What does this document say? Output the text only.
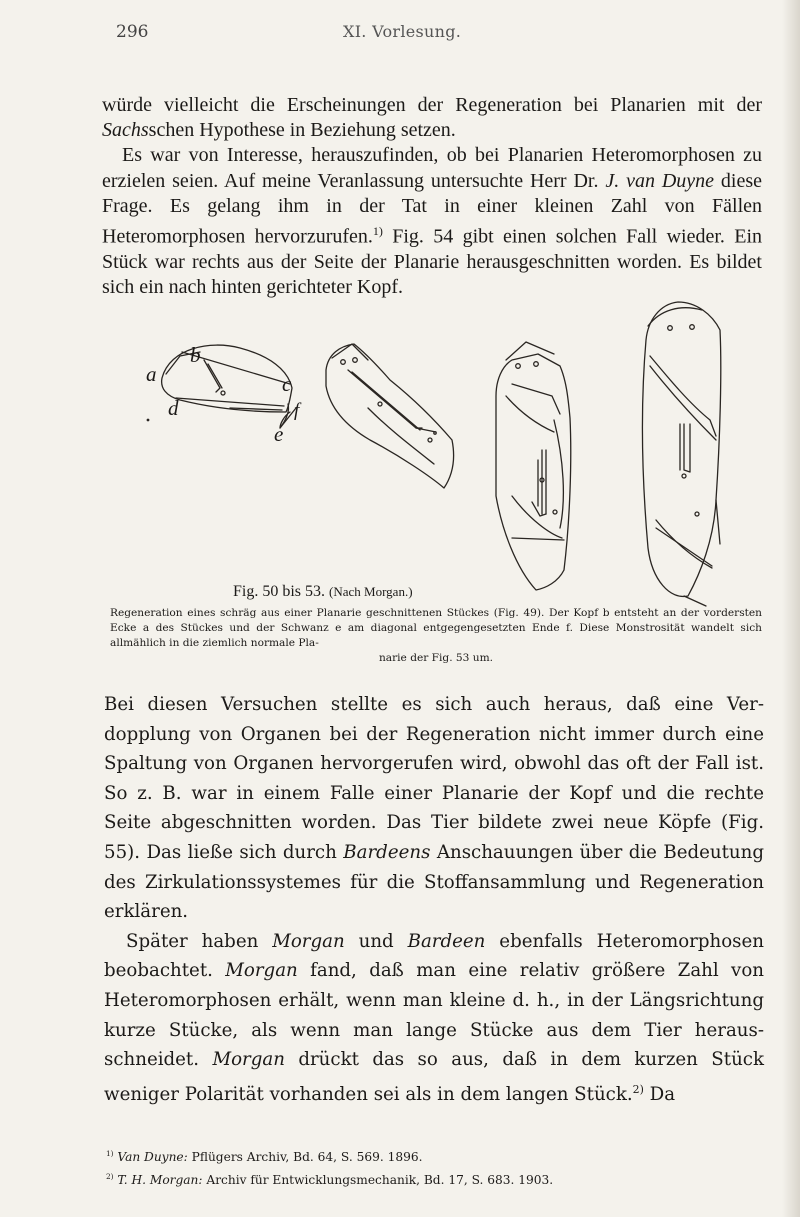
296	XI. Vorlesung.

würde vielleicht die Erscheinungen der Regeneration bei Planarien mit der Sachsschen Hypothese in Beziehung setzen.

Es war von Interesse, herauszufinden, ob bei Planarien Heteromorphosen zu erzielen seien. Auf meine Veranlassung untersuchte Herr Dr. J. van Duyne diese Frage. Es gelang ihm in der Tat in einer kleinen Zahl von Fällen Heteromorphosen hervorzurufen.$^{1)}$ Fig. 54 gibt einen solchen Fall wieder. Ein Stück war rechts aus der Seite der Planarie herausgeschnitten worden. Es bildet sich ein nach hinten gerichteter Kopf.

b
a	c
d
e
f
Fig. 50 bis 53. (Nach Morgan.)
Regeneration eines schräg aus einer Planarie geschnittenen Stückes (Fig. 49). Der Kopf b entsteht an der vordersten Ecke a des Stückes und der Schwanz e am diagonal entgegengesetzten Ende f. Diese Monstrosität wandelt sich allmählich in die ziemlich normale Pla-
narie der Fig. 53 um.

Bei diesen Versuchen stellte es sich auch heraus, daß eine Verdopplung von Organen bei der Regeneration nicht immer durch eine Spaltung von Organen hervorgerufen wird, obwohl das oft der Fall ist. So z. B. war in einem Falle einer Planarie der Kopf und die rechte Seite abgeschnitten worden. Das Tier bildete zwei neue Köpfe (Fig. 55). Das ließe sich durch Bardeens Anschauungen über die Bedeutung des Zirkulationssystemes für die Stoffansammlung und Regeneration erklären.

Später haben Morgan und Bardeen ebenfalls Heteromorphosen beobachtet. Morgan fand, daß man eine relativ größere Zahl von Heteromorphosen erhält, wenn man kleine d. h., in der Längsrichtung kurze Stücke, als wenn man lange Stücke aus dem Tier herausschneidet. Morgan drückt das so aus, daß in dem kurzen Stück weniger Polarität vorhanden sei als in dem langen Stück.$^{2)}$ Da

$^{1)}$ Van Duyne: Pflügers Archiv, Bd. 64, S. 569. 1896.

$^{2)}$ T. H. Morgan: Archiv für Entwicklungsmechanik, Bd. 17, S. 683. 1903.
